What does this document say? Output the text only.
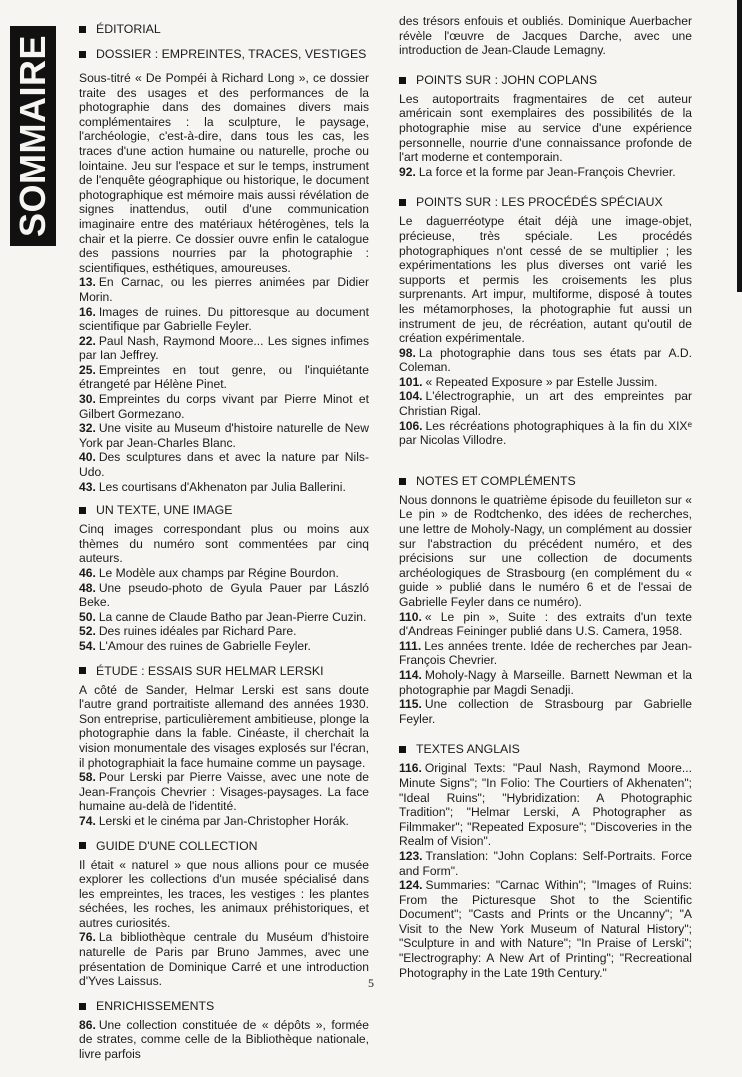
SOMMAIRE
ÉDITORIAL
DOSSIER : EMPREINTES, TRACES, VESTIGES

Sous-titré « De Pompéi à Richard Long », ce dossier traite des usages et des performances de la photographie dans des domaines divers mais complémentaires : la sculpture, le paysage, l'archéologie, c'est-à-dire, dans tous les cas, les traces d'une action humaine ou naturelle, proche ou lointaine. Jeu sur l'espace et sur le temps, instrument de l'enquête géographique ou historique, le document photographique est mémoire mais aussi révélation de signes inattendus, outil d'une communication imaginaire entre des matériaux hétérogènes, tels la chair et la pierre. Ce dossier ouvre enfin le catalogue des passions nourries par la photographie : scientifiques, esthétiques, amoureuses.

13. En Carnac, ou les pierres animées par Didier Morin.
16. Images de ruines. Du pittoresque au document scientifique par Gabrielle Feyler.
22. Paul Nash, Raymond Moore... Les signes infimes par Ian Jeffrey.
25. Empreintes en tout genre, ou l'inquiétante étrangeté par Hélène Pinet.
30. Empreintes du corps vivant par Pierre Minot et Gilbert Gormezano.
32. Une visite au Museum d'histoire naturelle de New York par Jean-Charles Blanc.
40. Des sculptures dans et avec la nature par Nils-Udo.
43. Les courtisans d'Akhenaton par Julia Ballerini.
UN TEXTE, UNE IMAGE

Cinq images correspondant plus ou moins aux thèmes du numéro sont commentées par cinq auteurs.

46. Le Modèle aux champs par Régine Bourdon.
48. Une pseudo-photo de Gyula Pauer par László Beke.
50. La canne de Claude Batho par Jean-Pierre Cuzin.
52. Des ruines idéales par Richard Pare.
54. L'Amour des ruines de Gabrielle Feyler.
ÉTUDE : ESSAIS SUR HELMAR LERSKI

A côté de Sander, Helmar Lerski est sans doute l'autre grand portraitiste allemand des années 1930. Son entreprise, particulièrement ambitieuse, plonge la photographie dans la fable. Cinéaste, il cherchait la vision monumentale des visages explosés sur l'écran, il photographiait la face humaine comme un paysage.

58. Pour Lerski par Pierre Vaisse, avec une note de Jean-François Chevrier : Visages-paysages. La face humaine au-delà de l'identité.
74. Lerski et le cinéma par Jan-Christopher Horák.
GUIDE D'UNE COLLECTION

Il était « naturel » que nous allions pour ce musée explorer les collections d'un musée spécialisé dans les empreintes, les traces, les vestiges : les plantes séchées, les roches, les animaux préhistoriques, et autres curiosités.

76. La bibliothèque centrale du Muséum d'histoire naturelle de Paris par Bruno Jammes, avec une présentation de Dominique Carré et une introduction d'Yves Laissus.
ENRICHISSEMENTS
86. Une collection constituée de « dépôts », formée de strates, comme celle de la Bibliothèque nationale, livre parfois

des trésors enfouis et oubliés. Dominique Auerbacher révèle l'œuvre de Jacques Darche, avec une introduction de Jean-Claude Lemagny.

POINTS SUR : JOHN COPLANS

Les autoportraits fragmentaires de cet auteur américain sont exemplaires des possibilités de la photographie mise au service d'une expérience personnelle, nourrie d'une connaissance profonde de l'art moderne et contemporain.

92. La force et la forme par Jean-François Chevrier.
POINTS SUR : LES PROCÉDÉS SPÉCIAUX

Le daguerréotype était déjà une image-objet, précieuse, très spéciale. Les procédés photographiques n'ont cessé de se multiplier ; les expérimentations les plus diverses ont varié les supports et permis les croisements les plus surprenants. Art impur, multiforme, disposé à toutes les métamorphoses, la photographie fut aussi un instrument de jeu, de récréation, autant qu'outil de création expérimentale.

98. La photographie dans tous ses états par A.D. Coleman.
101. « Repeated Exposure » par Estelle Jussim.
104. L'électrographie, un art des empreintes par Christian Rigal.
106. Les récréations photographiques à la fin du XIXᵉ par Nicolas Villodre.
NOTES ET COMPLÉMENTS

Nous donnons le quatrième épisode du feuilleton sur « Le pin » de Rodtchenko, des idées de recherches, une lettre de Moholy-Nagy, un complément au dossier sur l'abstraction du précédent numéro, et des précisions sur une collection de documents archéologiques de Strasbourg (en complément du « guide » publié dans le numéro 6 et de l'essai de Gabrielle Feyler dans ce numéro).

110. « Le pin », Suite : des extraits d'un texte d'Andreas Feininger publié dans U.S. Camera, 1958.
111. Les années trente. Idée de recherches par Jean-François Chevrier.
114. Moholy-Nagy à Marseille. Barnett Newman et la photographie par Magdi Senadji.
115. Une collection de Strasbourg par Gabrielle Feyler.
TEXTES ANGLAIS
116. Original Texts: "Paul Nash, Raymond Moore... Minute Signs"; "In Folio: The Courtiers of Akhenaten"; "Ideal Ruins"; "Hybridization: A Photographic Tradition"; "Helmar Lerski, A Photographer as Filmmaker"; "Repeated Exposure"; "Discoveries in the Realm of Vision".
123. Translation: "John Coplans: Self-Portraits. Force and Form".
124. Summaries: "Carnac Within"; "Images of Ruins: From the Picturesque Shot to the Scientific Document"; "Casts and Prints or the Uncanny"; "A Visit to the New York Museum of Natural History"; "Sculpture in and with Nature"; "In Praise of Lerski"; "Electrography: A New Art of Printing"; "Recreational Photography in the Late 19th Century."
5
